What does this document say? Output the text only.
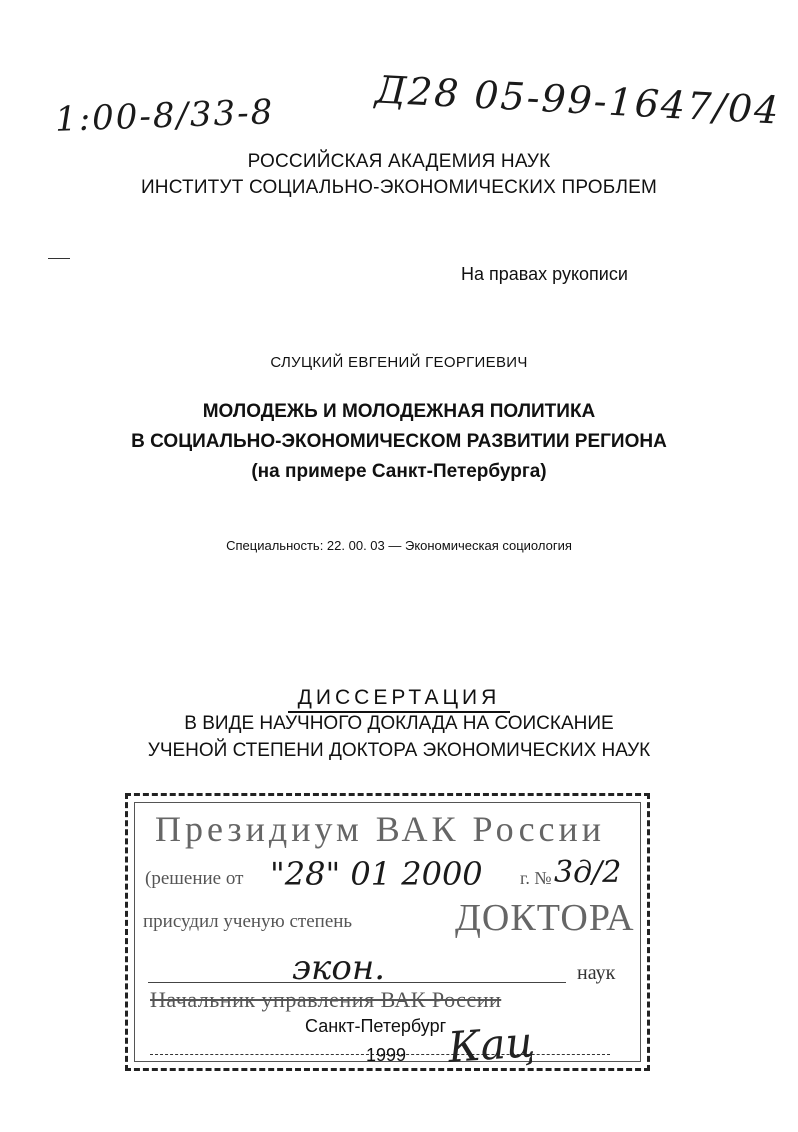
1:00-8/33-8	Д28 05-99-1647/04
РОССИЙСКАЯ АКАДЕМИЯ НАУК
ИНСТИТУТ СОЦИАЛЬНО-ЭКОНОМИЧЕСКИХ ПРОБЛЕМ
На правах рукописи
СЛУЦКИЙ ЕВГЕНИЙ ГЕОРГИЕВИЧ
МОЛОДЕЖЬ И МОЛОДЕЖНАЯ ПОЛИТИКА
В СОЦИАЛЬНО-ЭКОНОМИЧЕСКОМ РАЗВИТИИ РЕГИОНА
(на примере Санкт-Петербурга)
Специальность: 22. 00. 03 — Экономическая социология
ДИССЕРТАЦИЯ
В ВИДЕ НАУЧНОГО ДОКЛАДА НА СОИСКАНИЕ
УЧЕНОЙ СТЕПЕНИ ДОКТОРА ЭКОНОМИЧЕСКИХ НАУК
Президиум ВАК России
(решение от "28" 01 2000 г. № 3д/2
присудил ученую степень	ДОКТОРА
экон.	наук
Начальник управления ВАК России
Санкт-Петербург
1999 Кац
